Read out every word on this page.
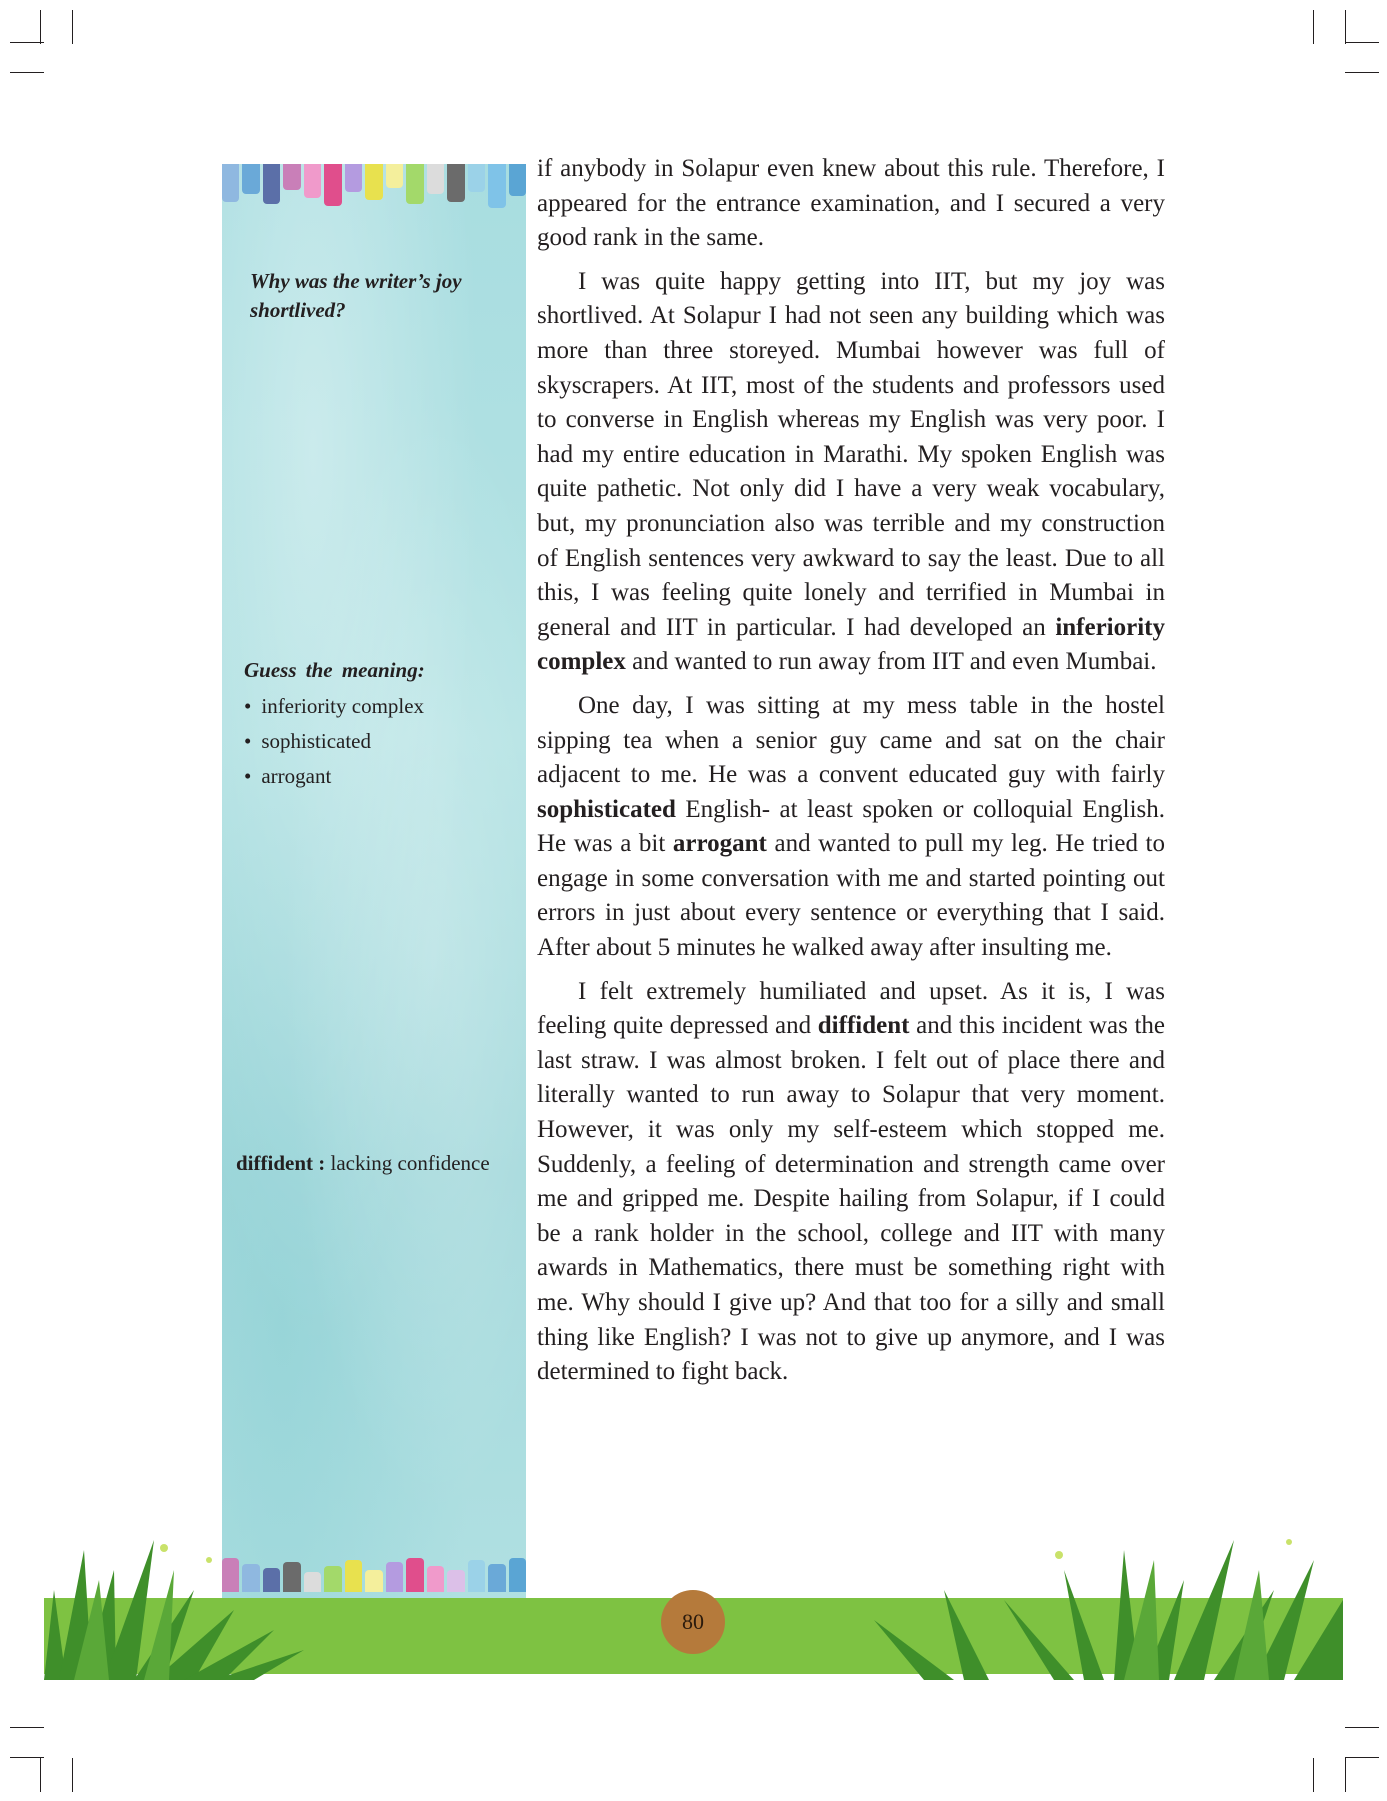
Why was the writer’s joy shortlived?
Guess the meaning:
• inferiority complex
• sophisticated
• arrogant
diffident : lacking confidence

if anybody in Solapur even knew about this rule. Therefore, I appeared for the entrance examination, and I secured a very good rank in the same.

I was quite happy getting into IIT, but my joy was shortlived. At Solapur I had not seen any building which was more than three storeyed. Mumbai however was full of skyscrapers. At IIT, most of the students and professors used to converse in English whereas my English was very poor. I had my entire education in Marathi. My spoken English was quite pathetic. Not only did I have a very weak vocabulary, but, my pronunciation also was terrible and my construction of English sentences very awkward to say the least. Due to all this, I was feeling quite lonely and terrified in Mumbai in general and IIT in particular. I had developed an inferiority complex and wanted to run away from IIT and even Mumbai.

One day, I was sitting at my mess table in the hostel sipping tea when a senior guy came and sat on the chair adjacent to me. He was a convent educated guy with fairly sophisticated English- at least spoken or colloquial English. He was a bit arrogant and wanted to pull my leg. He tried to engage in some conversation with me and started pointing out errors in just about every sentence or everything that I said. After about 5 minutes he walked away after insulting me.

I felt extremely humiliated and upset. As it is, I was feeling quite depressed and diffident and this incident was the last straw. I was almost broken. I felt out of place there and literally wanted to run away to Solapur that very moment. However, it was only my self-esteem which stopped me. Suddenly, a feeling of determination and strength came over me and gripped me. Despite hailing from Solapur, if I could be a rank holder in the school, college and IIT with many awards in Mathematics, there must be something right with me. Why should I give up? And that too for a silly and small thing like English? I was not to give up anymore, and I was determined to fight back.

80
